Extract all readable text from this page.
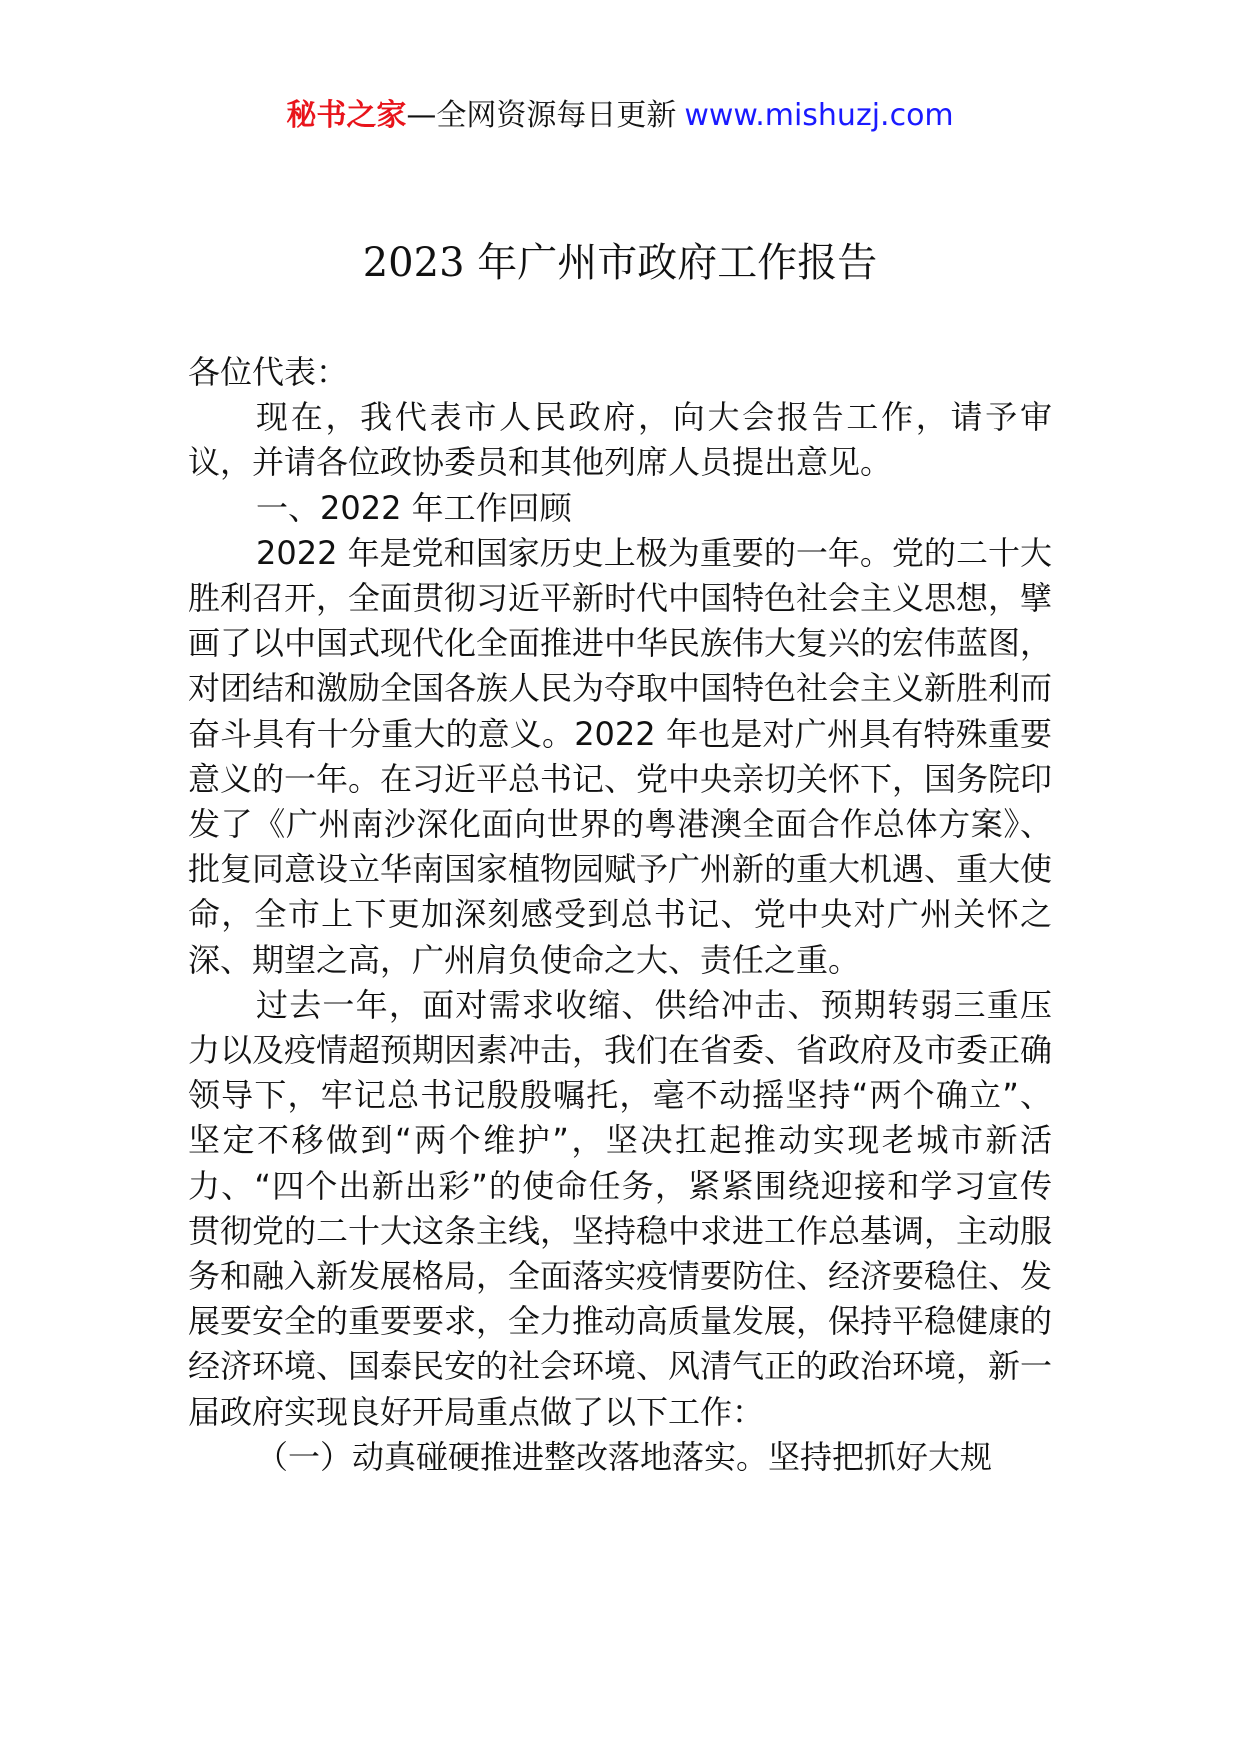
秘书之家—全网资源每日更新 www.mishuzj.com
2023 年广州市政府工作报告

各位代表：

现在，我代表市人民政府，向大会报告工作，请予审议，并请各位政协委员和其他列席人员提出意见。

一、2022 年工作回顾

2022 年是党和国家历史上极为重要的一年。党的二十大胜利召开，全面贯彻习近平新时代中国特色社会主义思想，擘画了以中国式现代化全面推进中华民族伟大复兴的宏伟蓝图，对团结和激励全国各族人民为夺取中国特色社会主义新胜利而奋斗具有十分重大的意义。2022 年也是对广州具有特殊重要意义的一年。在习近平总书记、党中央亲切关怀下，国务院印发了《广州南沙深化面向世界的粤港澳全面合作总体方案》、批复同意设立华南国家植物园赋予广州新的重大机遇、重大使命，全市上下更加深刻感受到总书记、党中央对广州关怀之深、期望之高，广州肩负使命之大、责任之重。

过去一年，面对需求收缩、供给冲击、预期转弱三重压力以及疫情超预期因素冲击，我们在省委、省政府及市委正确领导下，牢记总书记殷殷嘱托，毫不动摇坚持“两个确立”、坚定不移做到“两个维护”，坚决扛起推动实现老城市新活力、“四个出新出彩”的使命任务，紧紧围绕迎接和学习宣传贯彻党的二十大这条主线，坚持稳中求进工作总基调，主动服务和融入新发展格局，全面落实疫情要防住、经济要稳住、发展要安全的重要要求，全力推动高质量发展，保持平稳健康的经济环境、国泰民安的社会环境、风清气正的政治环境，新一届政府实现良好开局重点做了以下工作：

（一）动真碰硬推进整改落地落实。坚持把抓好大规
